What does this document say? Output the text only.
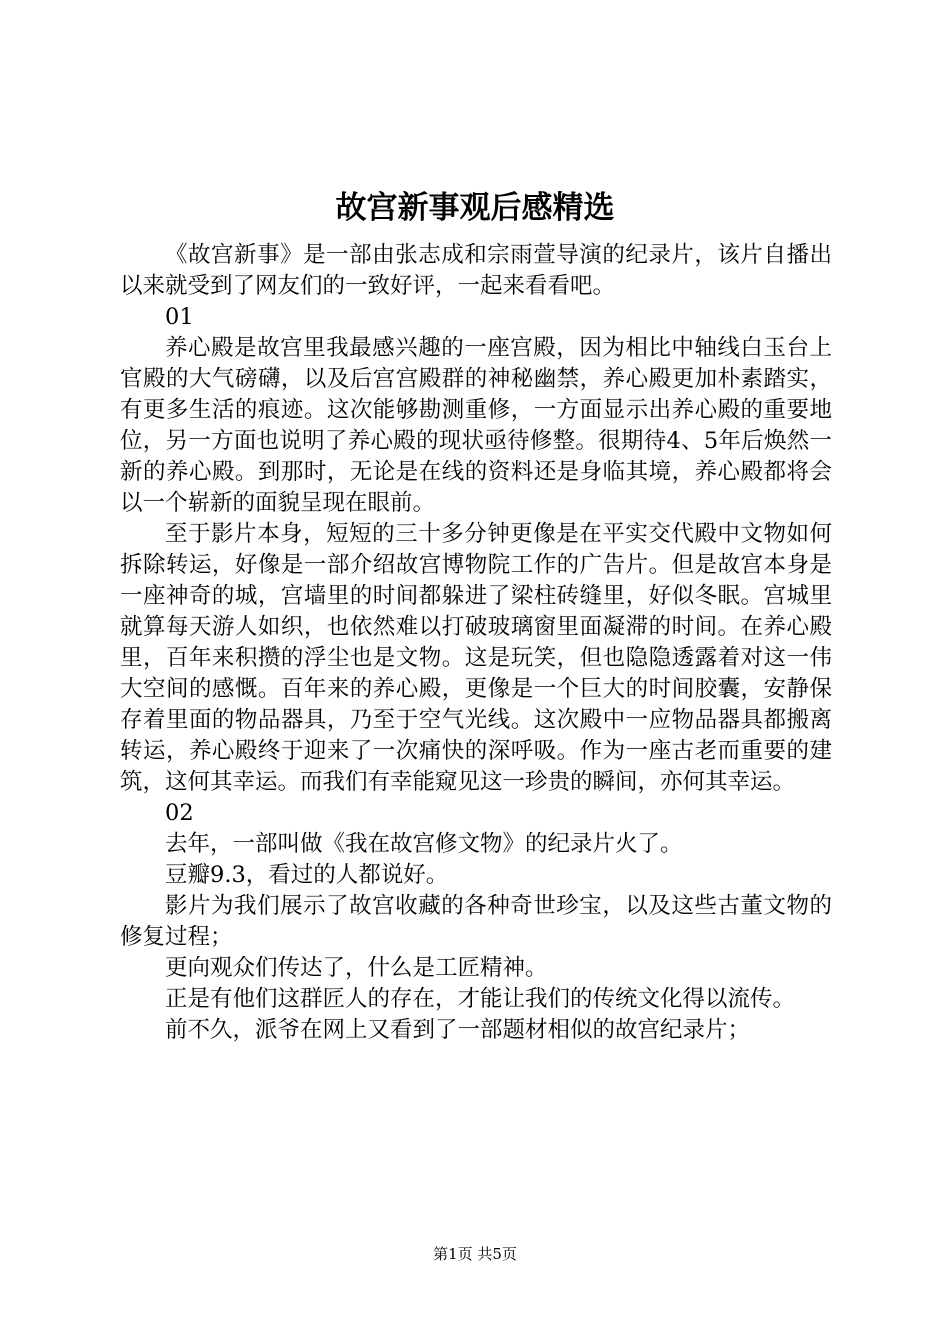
故宫新事观后感精选

《故宫新事》是一部由张志成和宗雨萱导演的纪录片，该片自播出以来就受到了网友们的一致好评，一起来看看吧。

01

养心殿是故宫里我最感兴趣的一座宫殿，因为相比中轴线白玉台上官殿的大气磅礴，以及后宫宫殿群的神秘幽禁，养心殿更加朴素踏实，有更多生活的痕迹。这次能够勘测重修，一方面显示出养心殿的重要地位，另一方面也说明了养心殿的现状亟待修整。很期待4、5年后焕然一新的养心殿。到那时，无论是在线的资料还是身临其境，养心殿都将会以一个崭新的面貌呈现在眼前。

至于影片本身，短短的三十多分钟更像是在平实交代殿中文物如何拆除转运，好像是一部介绍故宫博物院工作的广告片。但是故宫本身是一座神奇的城，宫墙里的时间都躲进了梁柱砖缝里，好似冬眠。宫城里就算每天游人如织，也依然难以打破玻璃窗里面凝滞的时间。在养心殿里，百年来积攒的浮尘也是文物。这是玩笑，但也隐隐透露着对这一伟大空间的感慨。百年来的养心殿，更像是一个巨大的时间胶囊，安静保存着里面的物品器具，乃至于空气光线。这次殿中一应物品器具都搬离转运，养心殿终于迎来了一次痛快的深呼吸。作为一座古老而重要的建筑，这何其幸运。而我们有幸能窥见这一珍贵的瞬间，亦何其幸运。

02

去年，一部叫做《我在故宫修文物》的纪录片火了。

豆瓣9.3，看过的人都说好。

影片为我们展示了故宫收藏的各种奇世珍宝，以及这些古董文物的修复过程；

更向观众们传达了，什么是工匠精神。

正是有他们这群匠人的存在，才能让我们的传统文化得以流传。

前不久，派爷在网上又看到了一部题材相似的故宫纪录片；

第1页 共5页
